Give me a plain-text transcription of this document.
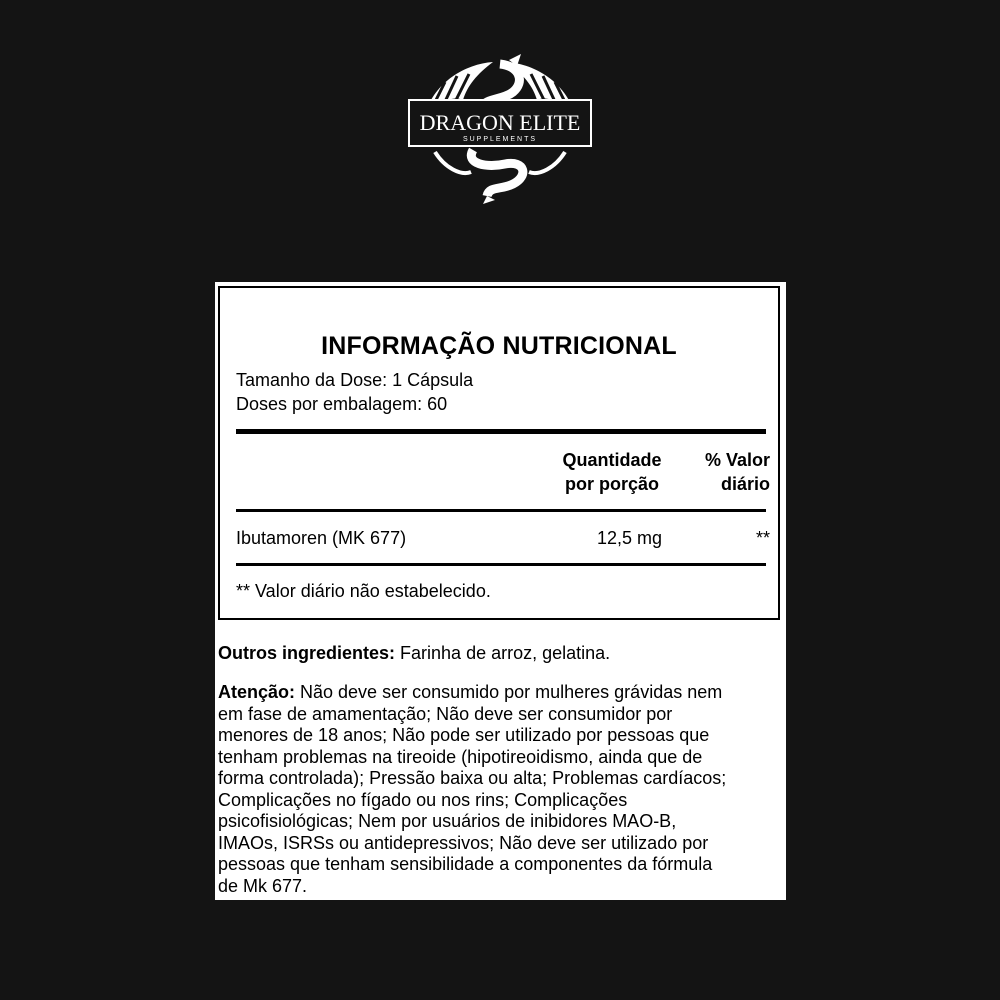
DRAGON ELITE
SUPPLEMENTS
INFORMAÇÃO NUTRICIONAL
Tamanho da Dose: 1 Cápsula
Doses por embalagem: 60
Quantidade
por porção
% Valor
diário
Ibutamoren (MK 677)	12,5 mg	**
** Valor diário não estabelecido.
Outros ingredientes: Farinha de arroz, gelatina.
Atenção: Não deve ser consumido por mulheres grávidas nem
em fase de amamentação; Não deve ser consumidor por
menores de 18 anos; Não pode ser utilizado por pessoas que
tenham problemas na tireoide (hipotireoidismo, ainda que de
forma controlada); Pressão baixa ou alta; Problemas cardíacos;
Complicações no fígado ou nos rins; Complicações
psicofisiológicas; Nem por usuários de inibidores MAO-B,
IMAOs, ISRSs ou antidepressivos; Não deve ser utilizado por
pessoas que tenham sensibilidade a componentes da fórmula
de Mk 677.
